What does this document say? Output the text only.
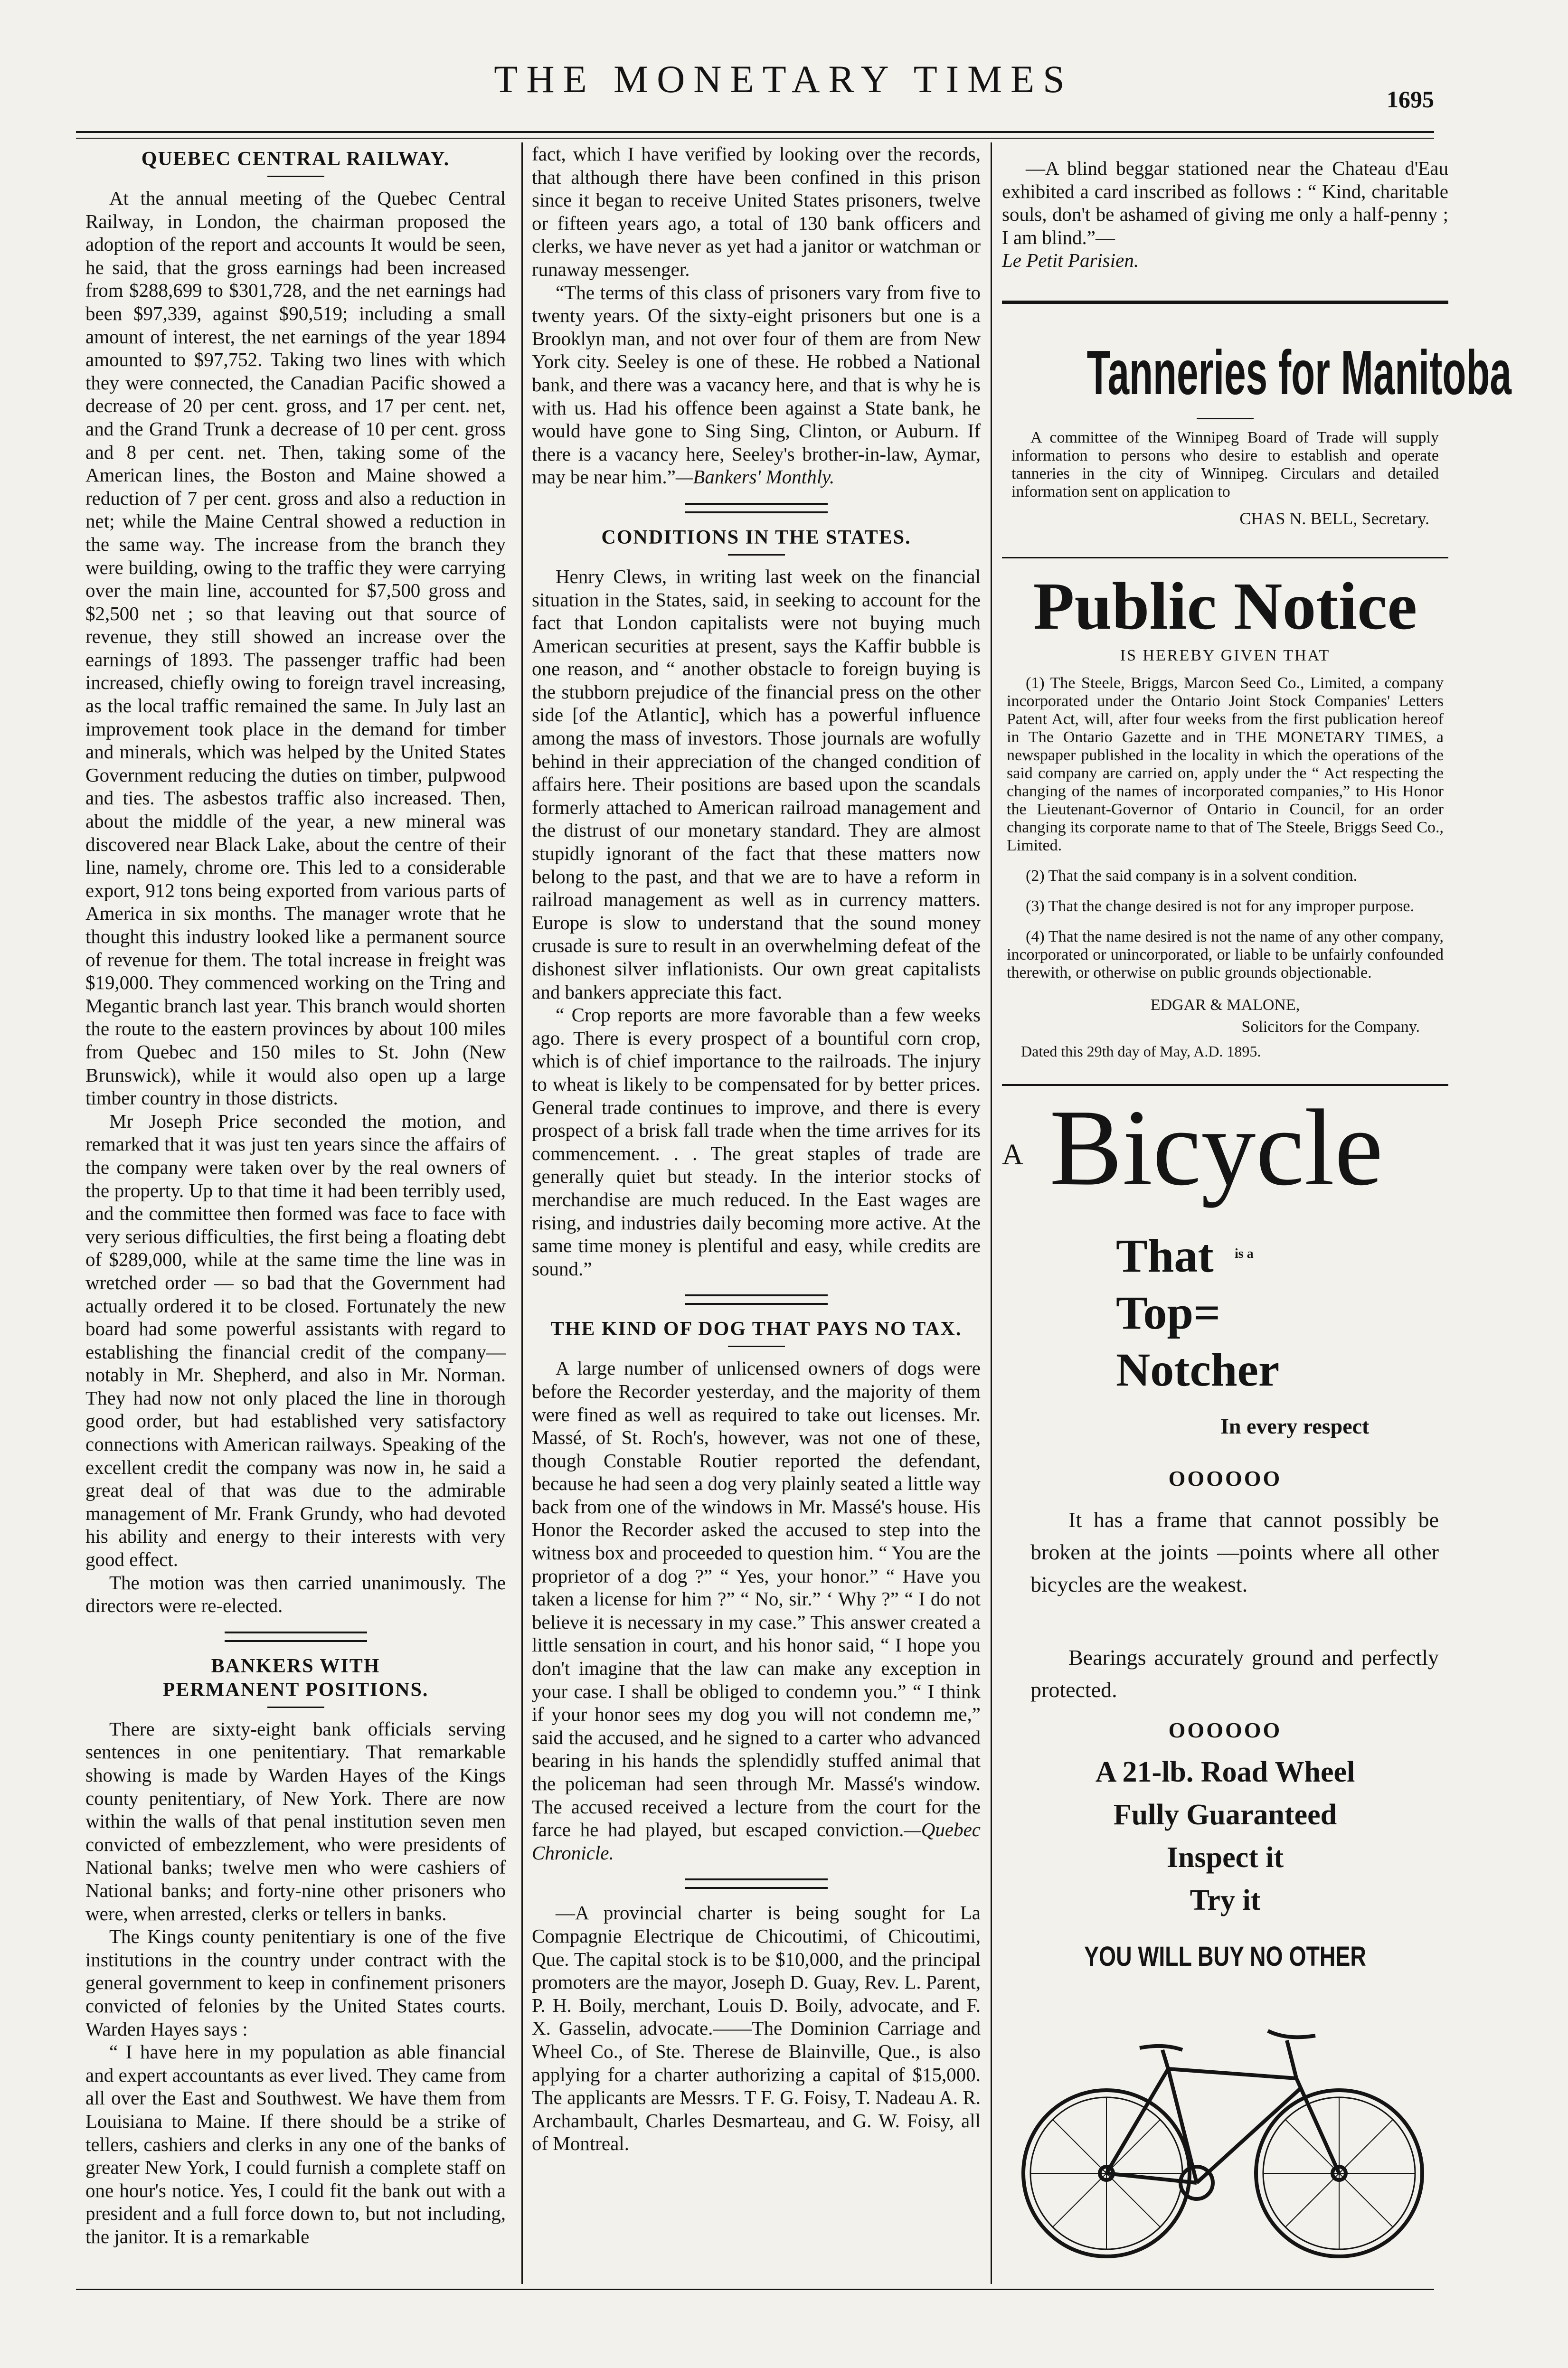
THE MONETARY TIMES	1695
QUEBEC CENTRAL RAILWAY.

At the annual meeting of the Quebec Central Railway, in London, the chairman proposed the adoption of the report and accounts It would be seen, he said, that the gross earnings had been increased from $288,699 to $301,728, and the net earnings had been $97,339, against $90,519; including a small amount of interest, the net earnings of the year 1894 amounted to $97,752. Taking two lines with which they were connected, the Canadian Pacific showed a decrease of 20 per cent. gross, and 17 per cent. net, and the Grand Trunk a decrease of 10 per cent. gross and 8 per cent. net. Then, taking some of the American lines, the Boston and Maine showed a reduction of 7 per cent. gross and also a reduction in net; while the Maine Central showed a reduction in the same way. The increase from the branch they were building, owing to the traffic they were carrying over the main line, accounted for $7,500 gross and $2,500 net ; so that leaving out that source of revenue, they still showed an increase over the earnings of 1893. The passenger traffic had been increased, chiefly owing to foreign travel increasing, as the local traffic remained the same. In July last an improvement took place in the demand for timber and minerals, which was helped by the United States Government reducing the duties on timber, pulpwood and ties. The asbestos traffic also increased. Then, about the middle of the year, a new mineral was discovered near Black Lake, about the centre of their line, namely, chrome ore. This led to a considerable export, 912 tons being exported from various parts of America in six months. The manager wrote that he thought this industry looked like a permanent source of revenue for them. The total increase in freight was $19,000. They commenced working on the Tring and Megantic branch last year. This branch would shorten the route to the eastern provinces by about 100 miles from Quebec and 150 miles to St. John (New Brunswick), while it would also open up a large timber country in those districts.

Mr Joseph Price seconded the motion, and remarked that it was just ten years since the affairs of the company were taken over by the real owners of the property. Up to that time it had been terribly used, and the committee then formed was face to face with very serious difficulties, the first being a floating debt of $289,000, while at the same time the line was in wretched order — so bad that the Government had actually ordered it to be closed. Fortunately the new board had some powerful assistants with regard to establishing the financial credit of the company—notably in Mr. Shepherd, and also in Mr. Norman. They had now not only placed the line in thorough good order, but had established very satisfactory connections with American railways. Speaking of the excellent credit the company was now in, he said a great deal of that was due to the admirable management of Mr. Frank Grundy, who had devoted his ability and energy to their interests with very good effect.

The motion was then carried unanimously. The directors were re-elected.

BANKERS WITH PERMANENT POSITIONS.

There are sixty-eight bank officials serving sentences in one penitentiary. That remarkable showing is made by Warden Hayes of the Kings county penitentiary, of New York. There are now within the walls of that penal institution seven men convicted of embezzlement, who were presidents of National banks; twelve men who were cashiers of National banks; and forty-nine other prisoners who were, when arrested, clerks or tellers in banks.

The Kings county penitentiary is one of the five institutions in the country under contract with the general government to keep in confinement prisoners convicted of felonies by the United States courts. Warden Hayes says :

“ I have here in my population as able financial and expert accountants as ever lived. They came from all over the East and Southwest. We have them from Louisiana to Maine. If there should be a strike of tellers, cashiers and clerks in any one of the banks of greater New York, I could furnish a complete staff on one hour's notice. Yes, I could fit the bank out with a president and a full force down to, but not including, the janitor. It is a remarkable

fact, which I have verified by looking over the records, that although there have been confined in this prison since it began to receive United States prisoners, twelve or fifteen years ago, a total of 130 bank officers and clerks, we have never as yet had a janitor or watchman or runaway messenger.

“The terms of this class of prisoners vary from five to twenty years. Of the sixty-eight prisoners but one is a Brooklyn man, and not over four of them are from New York city. Seeley is one of these. He robbed a National bank, and there was a vacancy here, and that is why he is with us. Had his offence been against a State bank, he would have gone to Sing Sing, Clinton, or Auburn. If there is a vacancy here, Seeley's brother-in-law, Aymar, may be near him.”—Bankers' Monthly.

CONDITIONS IN THE STATES.

Henry Clews, in writing last week on the financial situation in the States, said, in seeking to account for the fact that London capitalists were not buying much American securities at present, says the Kaffir bubble is one reason, and “ another obstacle to foreign buying is the stubborn prejudice of the financial press on the other side [of the Atlantic], which has a powerful influence among the mass of investors. Those journals are wofully behind in their appreciation of the changed condition of affairs here. Their positions are based upon the scandals formerly attached to American railroad management and the distrust of our monetary standard. They are almost stupidly ignorant of the fact that these matters now belong to the past, and that we are to have a reform in railroad management as well as in currency matters. Europe is slow to understand that the sound money crusade is sure to result in an overwhelming defeat of the dishonest silver inflationists. Our own great capitalists and bankers appreciate this fact.

“ Crop reports are more favorable than a few weeks ago. There is every prospect of a bountiful corn crop, which is of chief importance to the railroads. The injury to wheat is likely to be compensated for by better prices. General trade continues to improve, and there is every prospect of a brisk fall trade when the time arrives for its commencement. . . The great staples of trade are generally quiet but steady. In the interior stocks of merchandise are much reduced. In the East wages are rising, and industries daily becoming more active. At the same time money is plentiful and easy, while credits are sound.”

THE KIND OF DOG THAT PAYS NO TAX.

A large number of unlicensed owners of dogs were before the Recorder yesterday, and the majority of them were fined as well as required to take out licenses. Mr. Massé, of St. Roch's, however, was not one of these, though Constable Routier reported the defendant, because he had seen a dog very plainly seated a little way back from one of the windows in Mr. Massé's house. His Honor the Recorder asked the accused to step into the witness box and proceeded to question him. “ You are the proprietor of a dog ?” “ Yes, your honor.” “ Have you taken a license for him ?” “ No, sir.” ‘ Why ?” “ I do not believe it is necessary in my case.” This answer created a little sensation in court, and his honor said, “ I hope you don't imagine that the law can make any exception in your case. I shall be obliged to condemn you.” “ I think if your honor sees my dog you will not condemn me,” said the accused, and he signed to a carter who advanced bearing in his hands the splendidly stuffed animal that the policeman had seen through Mr. Massé's window. The accused received a lecture from the court for the farce he had played, but escaped conviction.—Quebec Chronicle.

—A provincial charter is being sought for La Compagnie Electrique de Chicoutimi, of Chicoutimi, Que. The capital stock is to be $10,000, and the principal promoters are the mayor, Joseph D. Guay, Rev. L. Parent, P. H. Boily, merchant, Louis D. Boily, advocate, and F. X. Gasselin, advocate.——The Dominion Carriage and Wheel Co., of Ste. Therese de Blainville, Que., is also applying for a charter authorizing a capital of $15,000. The applicants are Messrs. T F. G. Foisy, T. Nadeau A. R. Archambault, Charles Desmarteau, and G. W. Foisy, all of Montreal.

—A blind beggar stationed near the Chateau d'Eau exhibited a card inscribed as follows : “ Kind, charitable souls, don't be ashamed of giving me only a half-penny ; I am blind.”—

Le Petit Parisien.

Tanneries for Manitoba
A committee of the Winnipeg Board of Trade will supply information to persons who desire to establish and operate tanneries in the city of Winnipeg. Circulars and detailed information sent on application to
CHAS N. BELL, Secretary.
Public Notice
IS HEREBY GIVEN THAT
(1) The Steele, Briggs, Marcon Seed Co., Limited, a company incorporated under the Ontario Joint Stock Companies' Letters Patent Act, will, after four weeks from the first publication hereof in The Ontario Gazette and in THE MONETARY TIMES, a newspaper published in the locality in which the operations of the said company are carried on, apply under the “ Act respecting the changing of the names of incorporated companies,” to His Honor the Lieutenant-Governor of Ontario in Council, for an order changing its corporate name to that of The Steele, Briggs Seed Co., Limited.
(2) That the said company is in a solvent condition.
(3) That the change desired is not for any improper purpose.
(4) That the name desired is not the name of any other company, incorporated or unincorporated, or liable to be unfairly confounded therewith, or otherwise on public grounds objectionable.
EDGAR & MALONE,
Solicitors for the Company.
Dated this 29th day of May, A.D. 1895.
A Bicycle
That is a
Top=
Notcher
In every respect
OOOOOO
It has a frame that cannot possibly be broken at the joints —points where all other bicycles are the weakest.
Bearings accurately ground and perfectly protected.
OOOOOO
A 21-lb. Road Wheel
Fully Guaranteed
Inspect it
Try it
YOU WILL BUY NO OTHER
